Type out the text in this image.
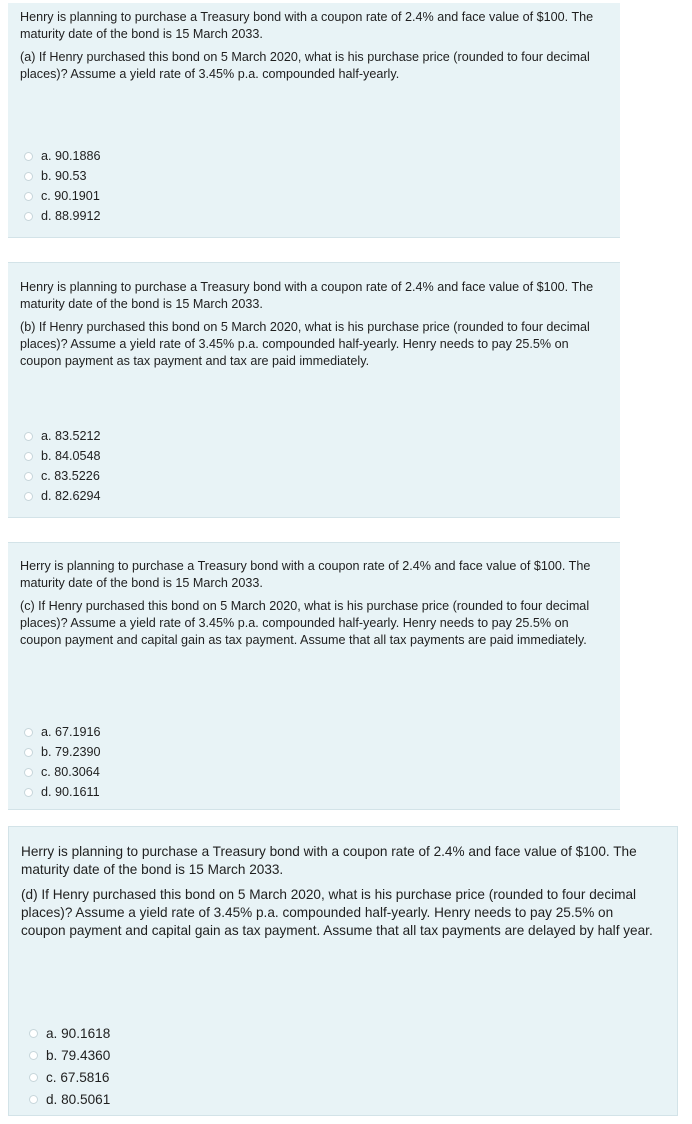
Henry is planning to purchase a Treasury bond with a coupon rate of 2.4% and face value of $100. The maturity date of the bond is 15 March 2033.
(a) If Henry purchased this bond on 5 March 2020, what is his purchase price (rounded to four decimal places)? Assume a yield rate of 3.45% p.a. compounded half-yearly.
a. 90.1886
b. 90.53
c. 90.1901
d. 88.9912
Henry is planning to purchase a Treasury bond with a coupon rate of 2.4% and face value of $100. The maturity date of the bond is 15 March 2033.
(b) If Henry purchased this bond on 5 March 2020, what is his purchase price (rounded to four decimal places)? Assume a yield rate of 3.45% p.a. compounded half-yearly. Henry needs to pay 25.5% on coupon payment as tax payment and tax are paid immediately.
a. 83.5212
b. 84.0548
c. 83.5226
d. 82.6294
Herry is planning to purchase a Treasury bond with a coupon rate of 2.4% and face value of $100. The maturity date of the bond is 15 March 2033.
(c) If Henry purchased this bond on 5 March 2020, what is his purchase price (rounded to four decimal places)? Assume a yield rate of 3.45% p.a. compounded half-yearly. Henry needs to pay 25.5% on coupon payment and capital gain as tax payment. Assume that all tax payments are paid immediately.
a. 67.1916
b. 79.2390
c. 80.3064
d. 90.1611
Herry is planning to purchase a Treasury bond with a coupon rate of 2.4% and face value of $100. The maturity date of the bond is 15 March 2033.
(d) If Henry purchased this bond on 5 March 2020, what is his purchase price (rounded to four decimal places)? Assume a yield rate of 3.45% p.a. compounded half-yearly. Henry needs to pay 25.5% on coupon payment and capital gain as tax payment. Assume that all tax payments are delayed by half year.
a. 90.1618
b. 79.4360
c. 67.5816
d. 80.5061
